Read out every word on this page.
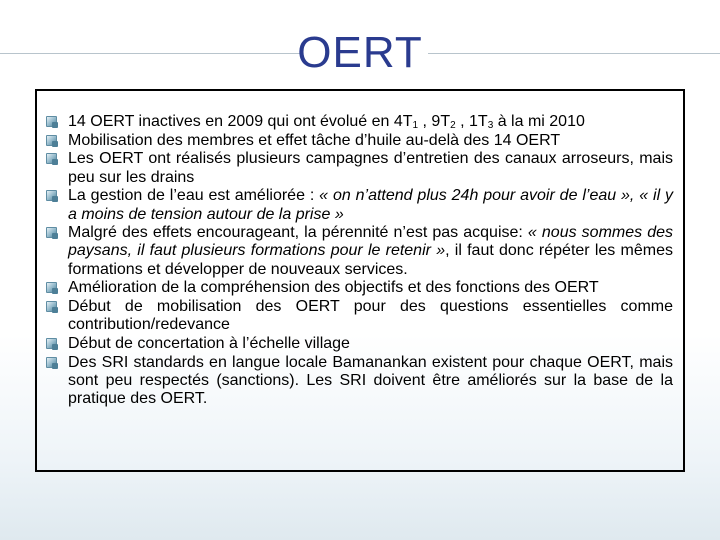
OERT
14 OERT inactives en 2009 qui ont évolué en $4T_1$ , $9T_2$ , $1T_3$ à la mi 2010
Mobilisation des membres et effet tâche d’huile au-delà des 14 OERT
Les OERT ont réalisés plusieurs campagnes d’entretien des canaux arroseurs, mais peu sur les drains
La gestion de l’eau est améliorée : « on n’attend plus 24h pour avoir de l’eau », « il y a moins de tension autour de la prise »
Malgré des effets encourageant, la pérennité n’est pas acquise: « nous sommes des paysans, il faut plusieurs formations pour le retenir », il faut donc répéter les mêmes formations et développer de nouveaux services.
Amélioration de la compréhension des objectifs et des fonctions des OERT
Début de mobilisation des OERT pour des questions essentielles comme contribution/redevance
Début de concertation à l’échelle village
Des SRI standards en langue locale Bamanankan existent pour chaque OERT, mais sont peu respectés (sanctions). Les SRI doivent être améliorés sur la base de la pratique des OERT.
